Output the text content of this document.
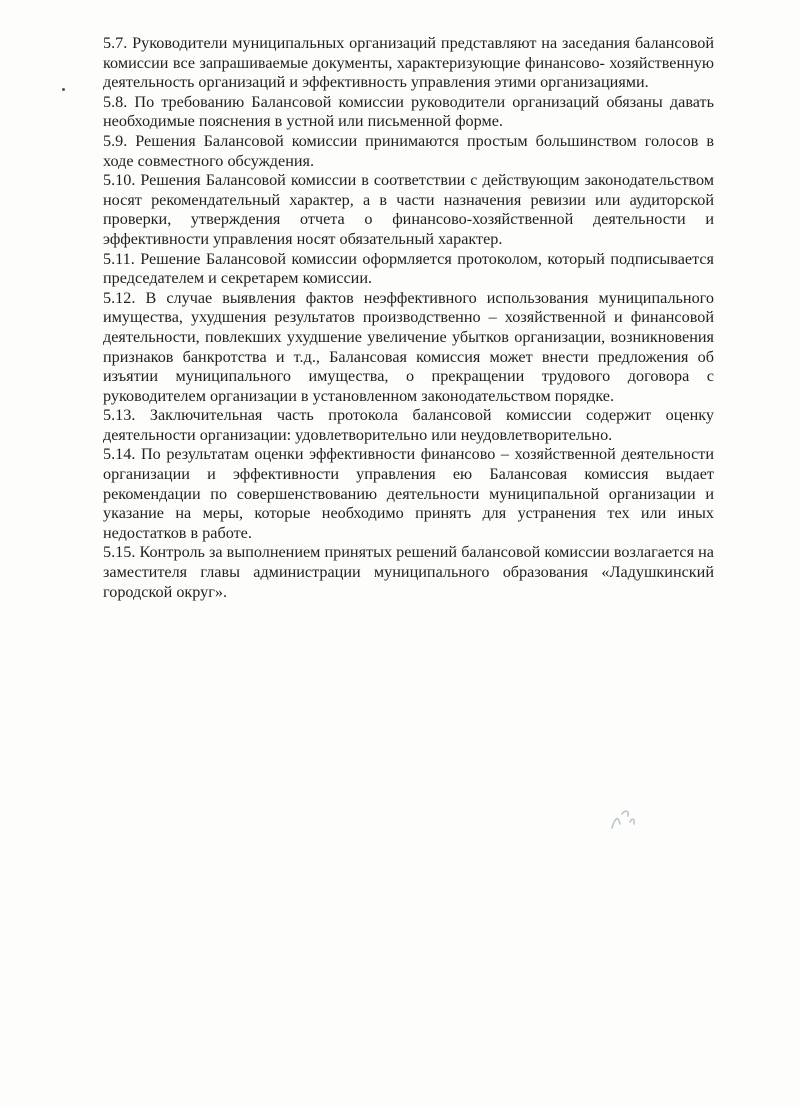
5.7. Руководители муниципальных организаций представляют на заседания балансовой комиссии все запрашиваемые документы, характеризующие финансово- хозяйственную деятельность организаций и эффективность управления этими организациями.

5.8. По требованию Балансовой комиссии руководители организаций обязаны давать необходимые пояснения в устной или письменной форме.

5.9. Решения Балансовой комиссии принимаются простым большинством голосов в ходе совместного обсуждения.

5.10. Решения Балансовой комиссии в соответствии с действующим законодательством носят рекомендательный характер, а в части назначения ревизии или аудиторской проверки, утверждения отчета о финансово-хозяйственной деятельности и эффективности управления носят обязательный характер.

5.11. Решение Балансовой комиссии оформляется протоколом, который подписывается председателем и секретарем комиссии.

5.12. В случае выявления фактов неэффективного использования муниципального имущества, ухудшения результатов производственно – хозяйственной и финансовой деятельности, повлекших ухудшение увеличение убытков организации, возникновения признаков банкротства и т.д., Балансовая комиссия может внести предложения об изъятии муниципального имущества, о прекращении трудового договора с руководителем организации в установленном законодательством порядке.

5.13. Заключительная часть протокола балансовой комиссии содержит оценку деятельности организации: удовлетворительно или неудовлетворительно.

5.14. По результатам оценки эффективности финансово – хозяйственной деятельности организации и эффективности управления ею Балансовая комиссия выдает рекомендации по совершенствованию деятельности муниципальной организации и указание на меры, которые необходимо принять для устранения тех или иных недостатков в работе.

5.15. Контроль за выполнением принятых решений балансовой комиссии возлагается на заместителя главы администрации муниципального образования «Ладушкинский городской округ».
